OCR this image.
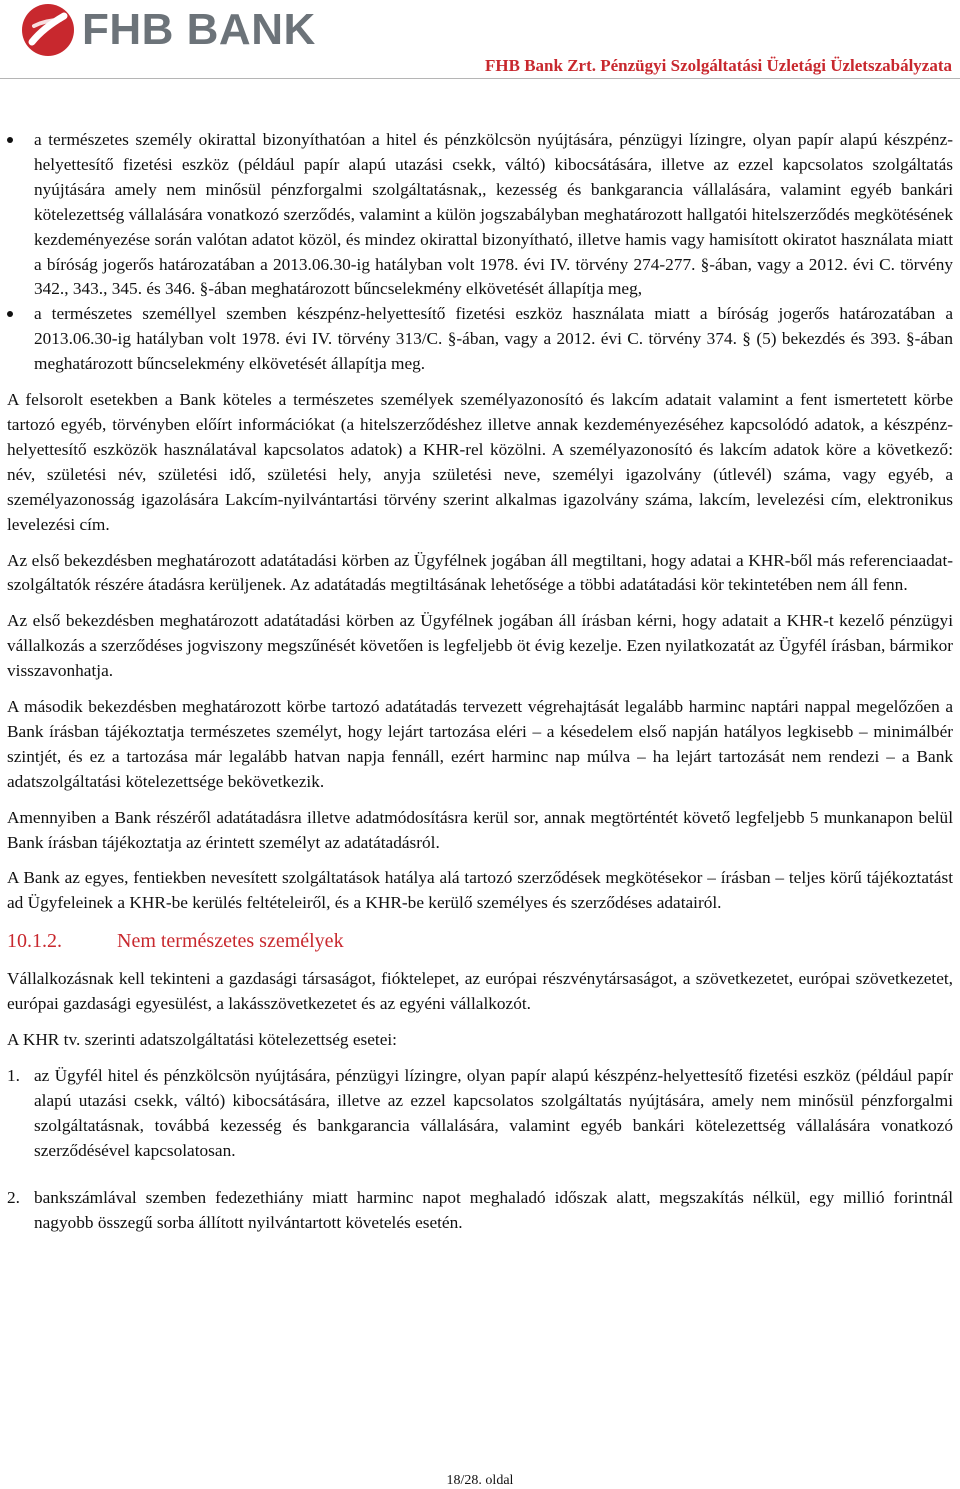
FHB BANK
FHB Bank Zrt. Pénzügyi Szolgáltatási Üzletági Üzletszabályzata
a természetes személy okirattal bizonyíthatóan a hitel és pénzkölcsön nyújtására, pénzügyi lízingre, olyan papír alapú készpénz-helyettesítő fizetési eszköz (például papír alapú utazási csekk, váltó) kibocsátására, illetve az ezzel kapcsolatos szolgáltatás nyújtására amely nem minősül pénzforgalmi szolgáltatásnak,, kezesség és bankgarancia vállalására, valamint egyéb bankári kötelezettség vállalására vonatkozó szerződés, valamint a külön jogszabályban meghatározott hallgatói hitelszerződés megkötésének kezdeményezése során valótan adatot közöl, és mindez okirattal bizonyítható, illetve hamis vagy hamisított okiratot használata miatt a bíróság jogerős határozatában a 2013.06.30-ig hatályban volt 1978. évi IV. törvény 274-277. §-ában, vagy a 2012. évi C. törvény 342., 343., 345. és 346. §-ában meghatározott bűncselekmény elkövetését állapítja meg,
a természetes személlyel szemben készpénz-helyettesítő fizetési eszköz használata miatt a bíróság jogerős határozatában a 2013.06.30-ig hatályban volt 1978. évi IV. törvény 313/C. §-ában, vagy a 2012. évi C. törvény 374. § (5) bekezdés és 393. §-ában meghatározott bűncselekmény elkövetését állapítja meg.

A felsorolt esetekben a Bank köteles a természetes személyek személyazonosító és lakcím adatait valamint a fent ismertetett körbe tartozó egyéb, törvényben előírt információkat (a hitelszerződéshez illetve annak kezdeményezéséhez kapcsolódó adatok, a készpénz-helyettesítő eszközök használatával kapcsolatos adatok) a KHR-rel közölni. A személyazonosító és lakcím adatok köre a következő: név, születési név, születési idő, születési hely, anyja születési neve, személyi igazolvány (útlevél) száma, vagy egyéb, a személyazonosság igazolására Lakcím-nyilvántartási törvény szerint alkalmas igazolvány száma, lakcím, levelezési cím, elektronikus levelezési cím.

Az első bekezdésben meghatározott adatátadási körben az Ügyfélnek jogában áll megtiltani, hogy adatai a KHR-ből más referenciaadat-szolgáltatók részére átadásra kerüljenek. Az adatátadás megtiltásának lehetősége a többi adatátadási kör tekintetében nem áll fenn.

Az első bekezdésben meghatározott adatátadási körben az Ügyfélnek jogában áll írásban kérni, hogy adatait a KHR-t kezelő pénzügyi vállalkozás a szerződéses jogviszony megszűnését követően is legfeljebb öt évig kezelje. Ezen nyilatkozatát az Ügyfél írásban, bármikor visszavonhatja.

A második bekezdésben meghatározott körbe tartozó adatátadás tervezett végrehajtását legalább harminc naptári nappal megelőzően a Bank írásban tájékoztatja természetes személyt, hogy lejárt tartozása eléri – a késedelem első napján hatályos legkisebb – minimálbér szintjét, és ez a tartozása már legalább hatvan napja fennáll, ezért harminc nap múlva – ha lejárt tartozását nem rendezi – a Bank adatszolgáltatási kötelezettsége bekövetkezik.

Amennyiben a Bank részéről adatátadásra illetve adatmódosításra kerül sor, annak megtörténtét követő legfeljebb 5 munkanapon belül Bank írásban tájékoztatja az érintett személyt az adatátadásról.

A Bank az egyes, fentiekben nevesített szolgáltatások hatálya alá tartozó szerződések megkötésekor – írásban – teljes körű tájékoztatást ad Ügyfeleinek a KHR-be kerülés feltételeiről, és a KHR-be kerülő személyes és szerződéses adatairól.

10.1.2.	Nem természetes személyek

Vállalkozásnak kell tekinteni a gazdasági társaságot, fióktelepet, az európai részvénytársaságot, a szövetkezetet, európai szövetkezetet, európai gazdasági egyesülést, a lakásszövetkezetet és az egyéni vállalkozót.

A KHR tv. szerinti adatszolgáltatási kötelezettség esetei:

1. az Ügyfél hitel és pénzkölcsön nyújtására, pénzügyi lízingre, olyan papír alapú készpénz-helyettesítő fizetési eszköz (például papír alapú utazási csekk, váltó) kibocsátására, illetve az ezzel kapcsolatos szolgáltatás nyújtására, amely nem minősül pénzforgalmi szolgáltatásnak, továbbá kezesség és bankgarancia vállalására, valamint egyéb bankári kötelezettség vállalására vonatkozó szerződésével kapcsolatosan.
2. bankszámlával szemben fedezethiány miatt harminc napot meghaladó időszak alatt, megszakítás nélkül, egy millió forintnál nagyobb összegű sorba állított nyilvántartott követelés esetén.
18/28. oldal
